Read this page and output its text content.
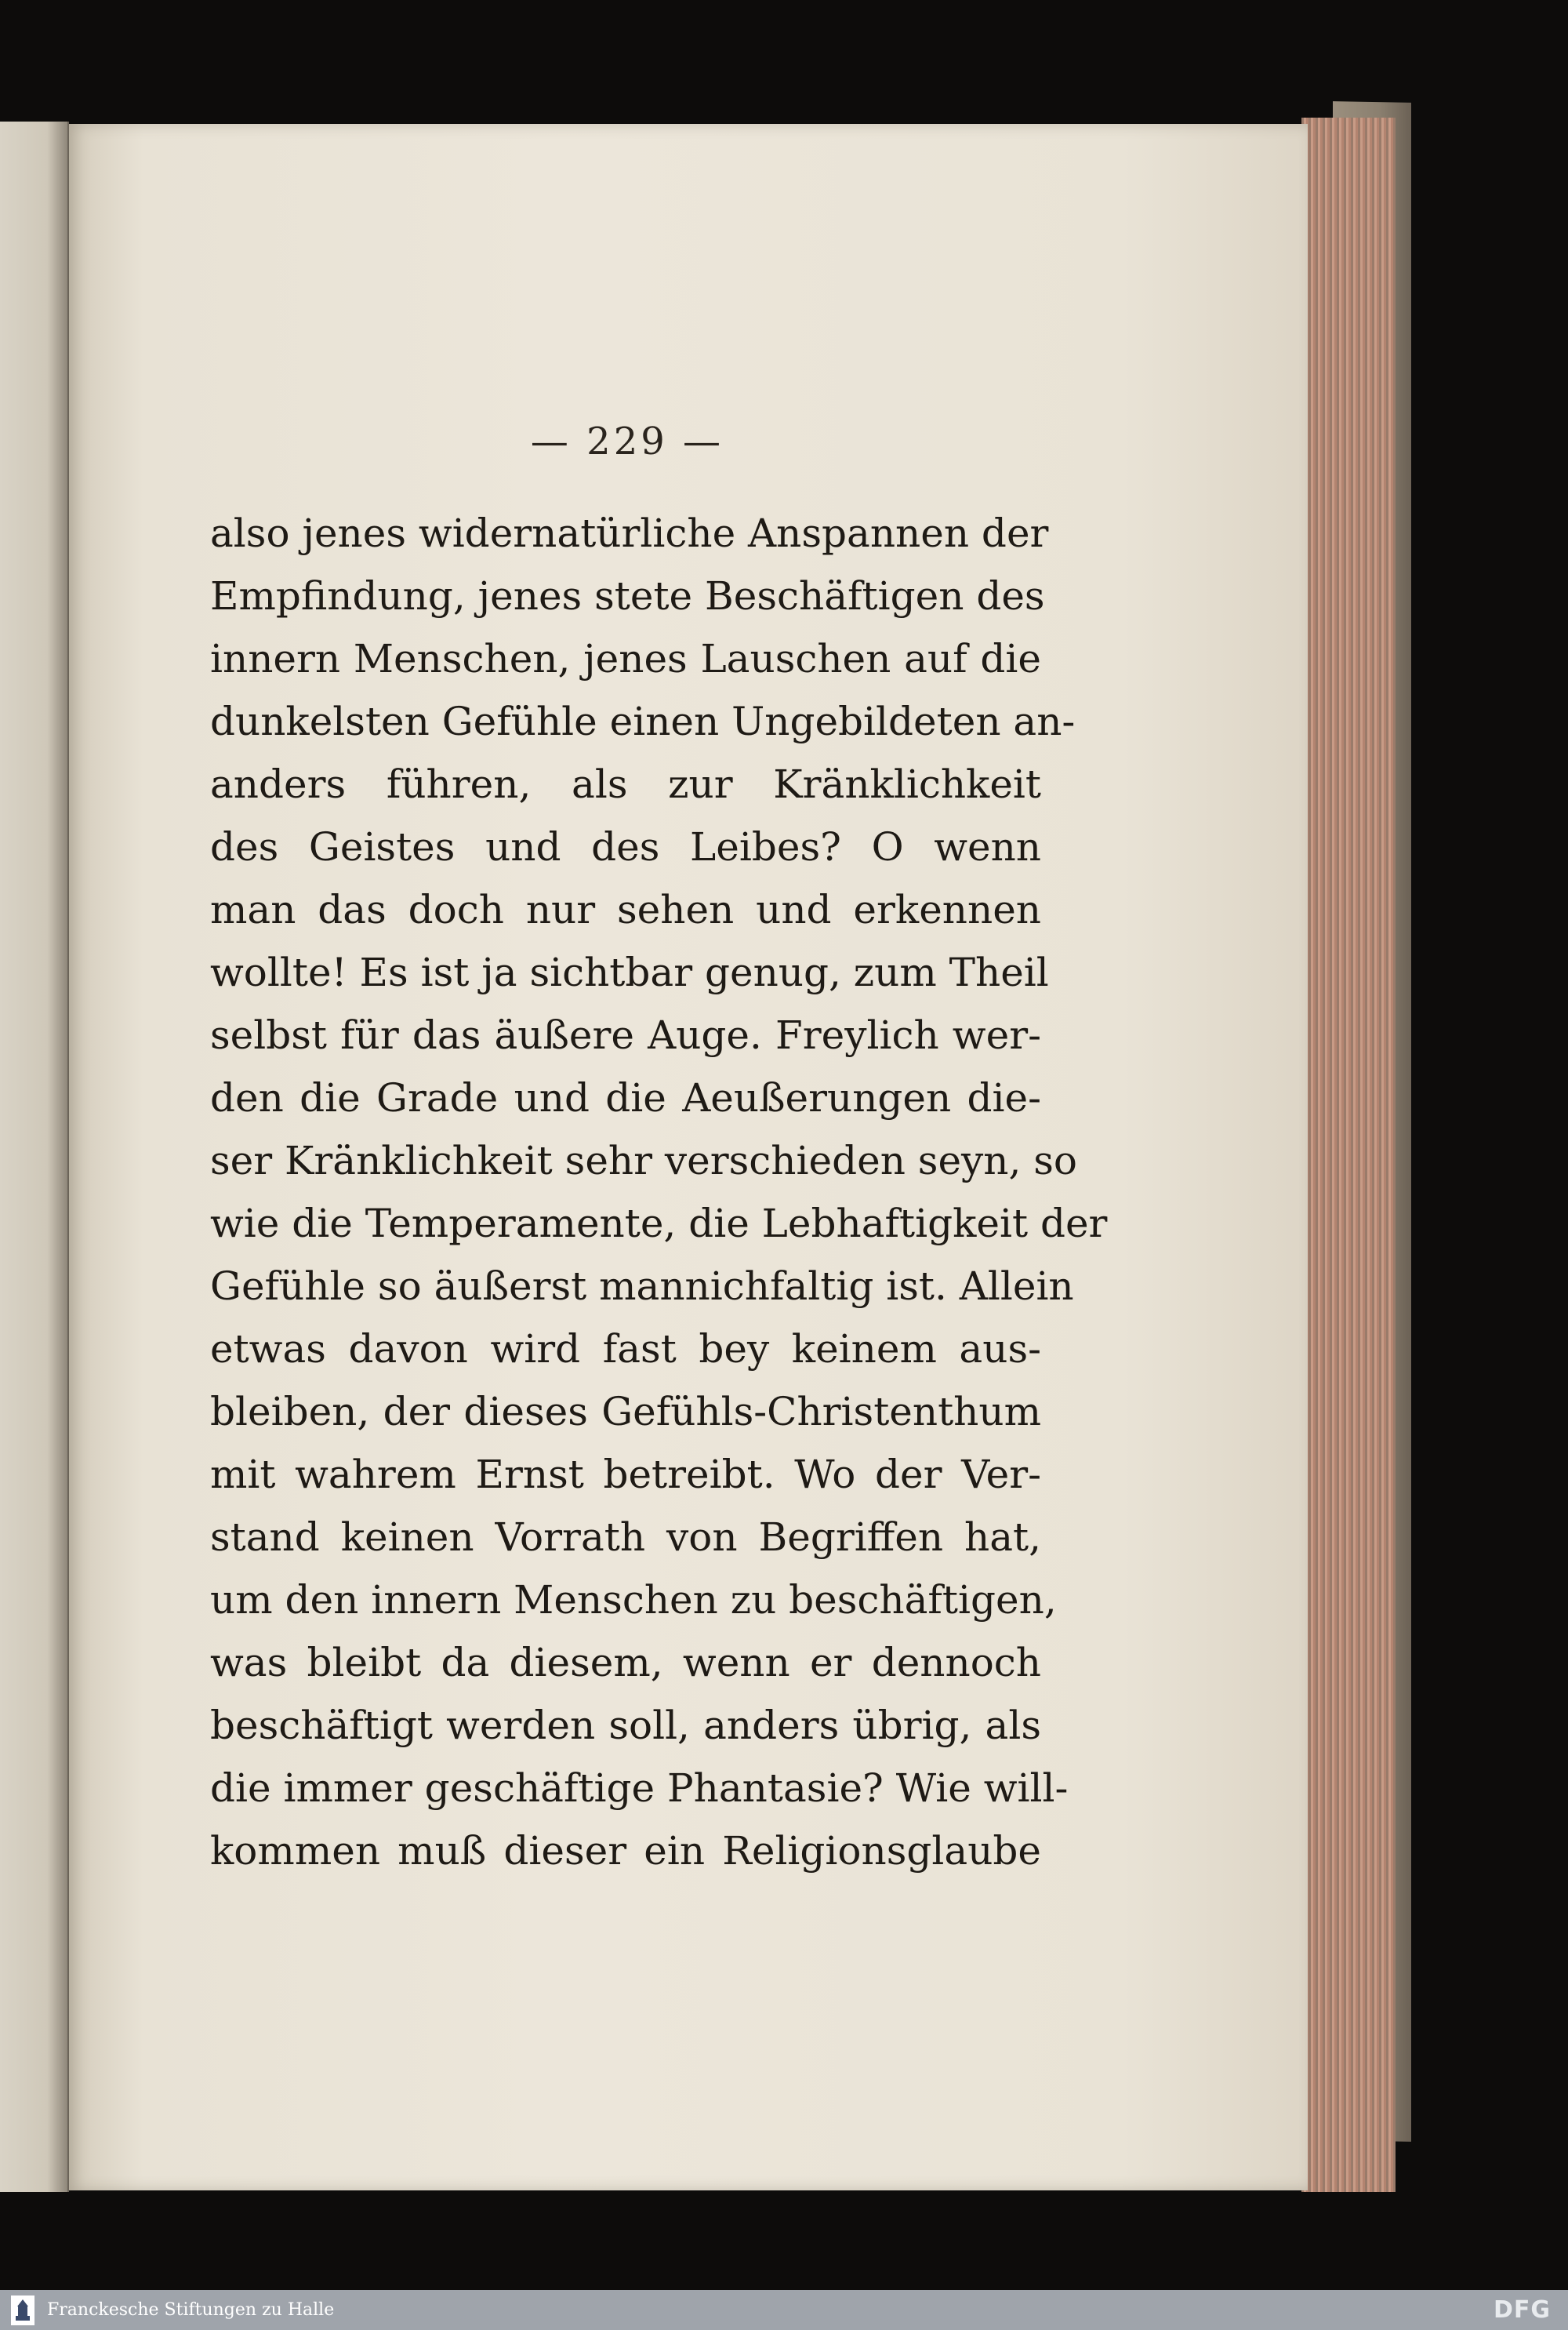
— 229 —
also jenes widernatürliche Anspannen der
Empfindung, jenes stete Beschäftigen des
innern Menschen, jenes Lauschen auf die
dunkelsten Gefühle einen Ungebildeten an-
anders führen, als zur Kränklichkeit
des Geistes und des Leibes? O wenn
man das doch nur sehen und erkennen
wollte! Es ist ja sichtbar genug, zum Theil
selbst für das äußere Auge. Freylich wer-
den die Grade und die Aeußerungen die-
ser Kränklichkeit sehr verschieden seyn, so
wie die Temperamente, die Lebhaftigkeit der
Gefühle so äußerst mannichfaltig ist. Allein
etwas davon wird fast bey keinem aus-
bleiben, der dieses Gefühls-Christenthum
mit wahrem Ernst betreibt. Wo der Ver-
stand keinen Vorrath von Begriffen hat,
um den innern Menschen zu beschäftigen,
was bleibt da diesem, wenn er dennoch
beschäftigt werden soll, anders übrig, als
die immer geschäftige Phantasie? Wie will-
kommen muß dieser ein Religionsglaube
Franckesche Stiftungen zu Halle	DFG
